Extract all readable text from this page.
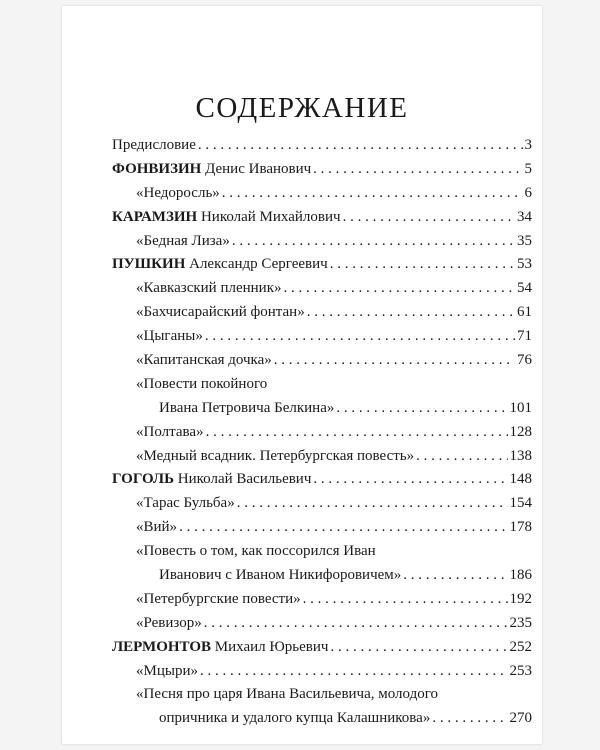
СОДЕРЖАНИЕ
Предисловие . . .	3
ФОНВИЗИН Денис Иванович . . .	5
«Недоросль» . . .	6
КАРАМЗИН Николай Михайлович . . .	34
«Бедная Лиза» . . .	35
ПУШКИН Александр Сергеевич . . .	53
«Кавказский пленник» . . .	54
«Бахчисарайский фонтан» . . .	61
«Цыганы» . . .	71
«Капитанская дочка» . . .	76
«Повести покойного
Ивана Петровича Белкина» . . .	101
«Полтава» . . .	128
«Медный всадник. Петербургская повесть» . . .	138
ГОГОЛЬ Николай Васильевич . . .	148
«Тарас Бульба» . . .	154
«Вий» . . .	178
«Повесть о том, как поссорился Иван
Иванович с Иваном Никифоровичем» . . .	186
«Петербургские повести» . . .	192
«Ревизор» . . .	235
ЛЕРМОНТОВ Михаил Юрьевич . . .	252
«Мцыри» . . .	253
«Песня про царя Ивана Васильевича, молодого
опричника и удалого купца Калашникова» . . .	270
